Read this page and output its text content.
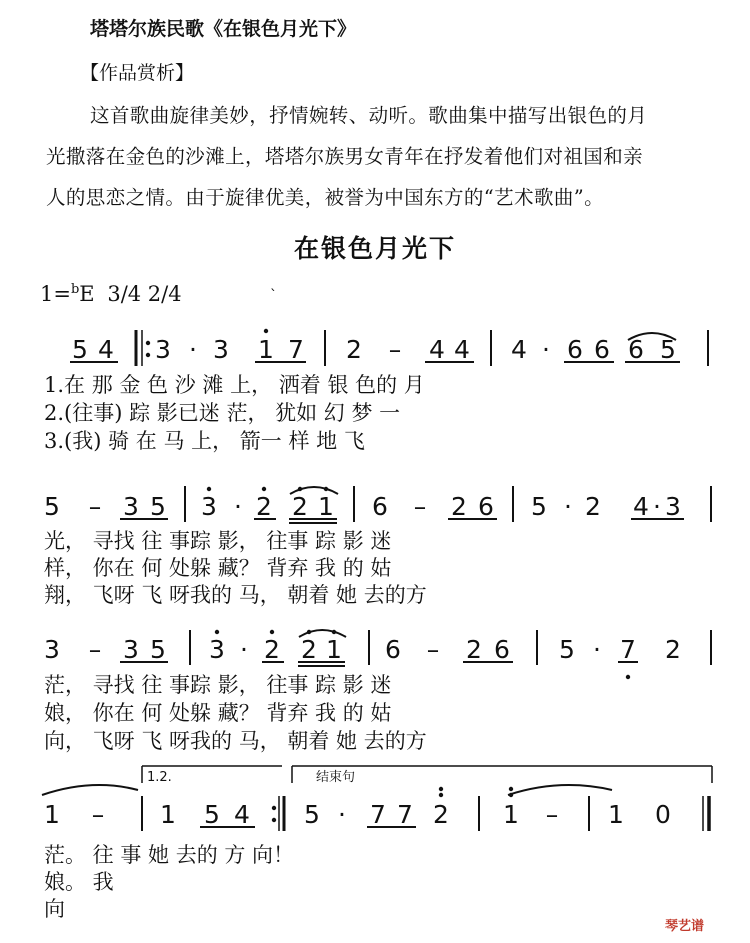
塔塔尔族民歌《在银色月光下》
【作品赏析】
这首歌曲旋律美妙，抒情婉转、动听。歌曲集中描写出银色的月
光撒落在金色的沙滩上，塔塔尔族男女青年在抒发着他们对祖国和亲
人的思恋之情。由于旋律优美，被誉为中国东方的“艺术歌曲”。
在银色月光下
1=$^b$E 3/4 2/4	ˋ
5 4 3 · 3 1 7 2 – 4 4 4 · 6 6 6 5
5 – 3 5 3 · 2 2 1 6 – 2 6 5 · 2 4 · 3
3 – 3 5 3 · 2 2 1 6 – 2 6 5 · 7 2
1 – 1 5 4 5 · 7 7 2 1 – 1 0
1.2.	结束句
1.在 那 金 色 沙 滩 上， 洒着 银 色的 月
2.(往事) 踪 影已迷 茫， 犹如 幻 梦 一
3.(我) 骑 在 马 上， 箭一 样 地 飞
光， 寻找 往 事踪 影， 往事 踪 影 迷
样， 你在 何 处躲 藏？ 背弃 我 的 姑
翔， 飞呀 飞 呀我的 马， 朝着 她 去的方
茫， 寻找 往 事踪 影， 往事 踪 影 迷
娘， 你在 何 处躲 藏？ 背弃 我 的 姑
向， 飞呀 飞 呀我的 马， 朝着 她 去的方
茫。 往 事 她 去的 方 向！
娘。 我
向
琴艺谱
